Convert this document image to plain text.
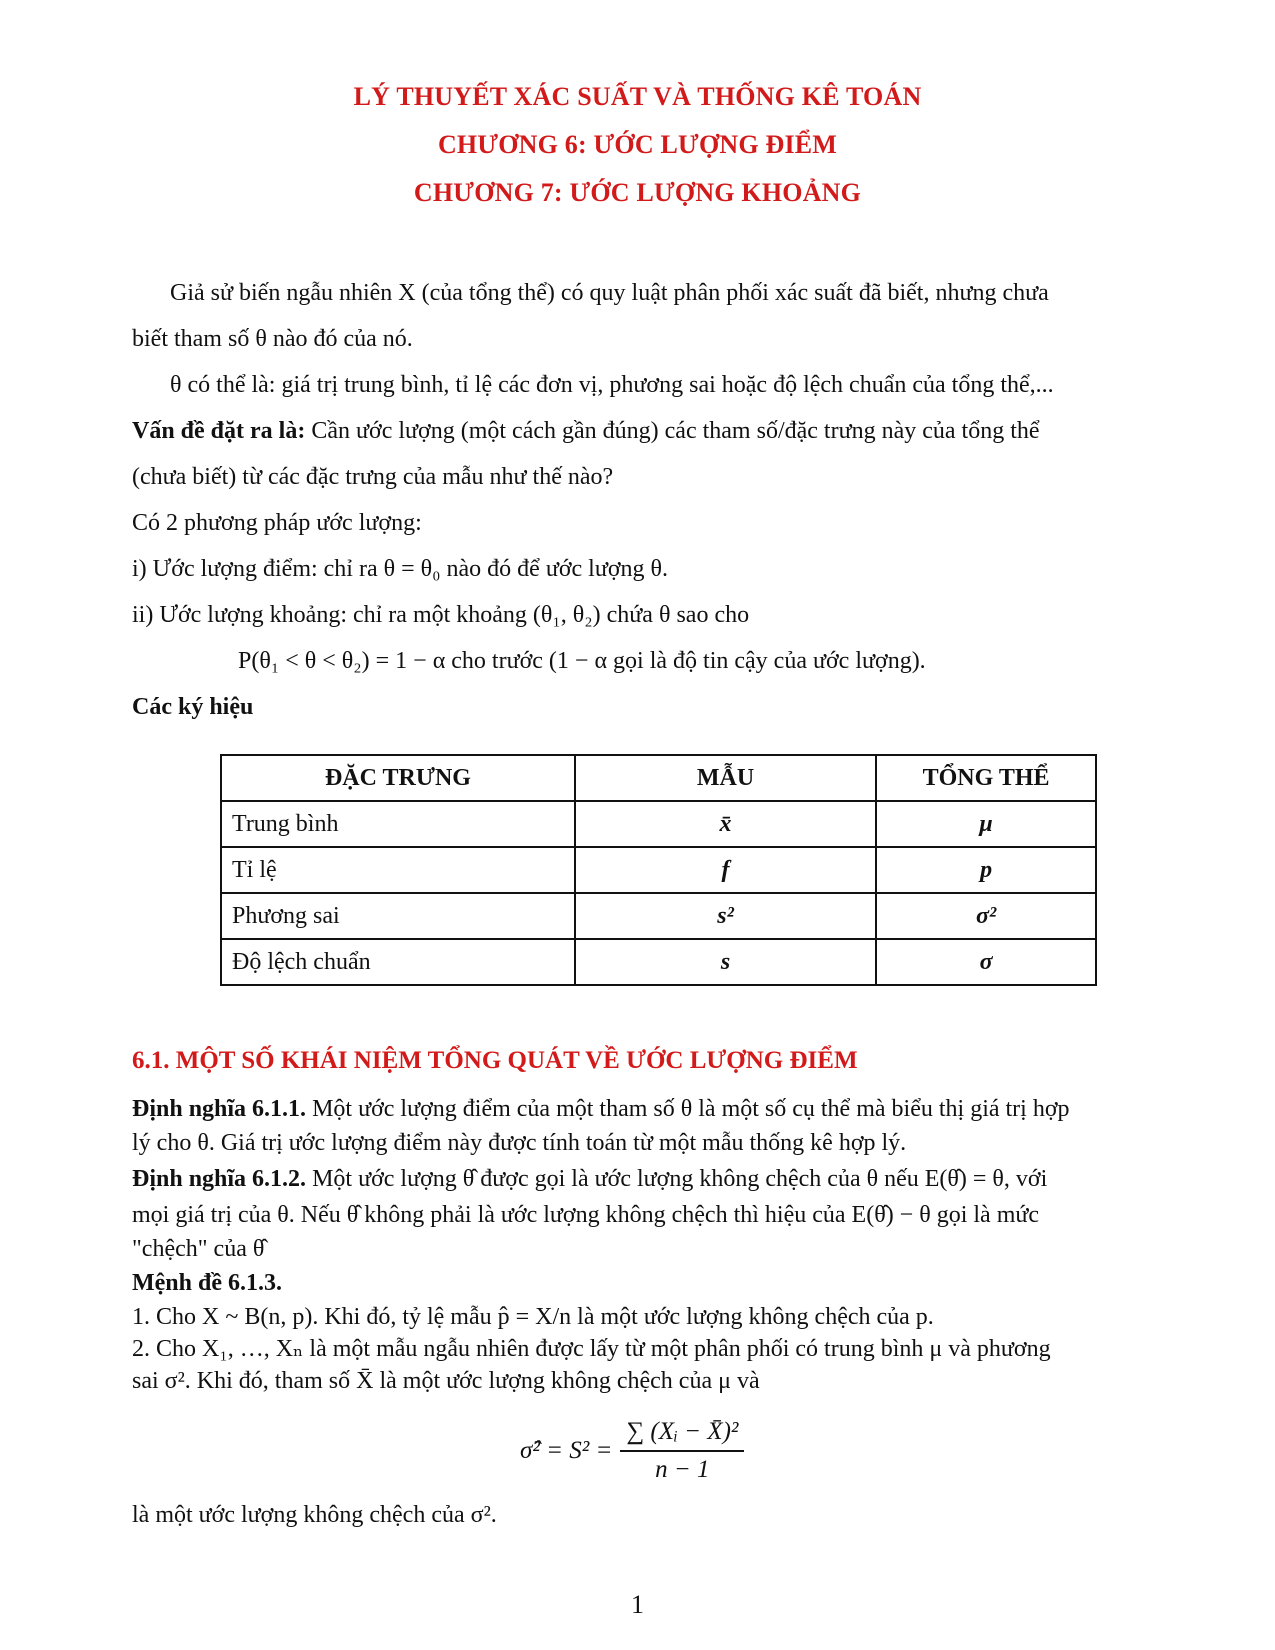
LÝ THUYẾT XÁC SUẤT VÀ THỐNG KÊ TOÁN
CHƯƠNG 6: ƯỚC LƯỢNG ĐIỂM
CHƯƠNG 7: ƯỚC LƯỢNG KHOẢNG
Giả sử biến ngẫu nhiên X (của tổng thể) có quy luật phân phối xác suất đã biết, nhưng chưa
biết tham số θ nào đó của nó.
θ có thể là: giá trị trung bình, tỉ lệ các đơn vị, phương sai hoặc độ lệch chuẩn của tổng thể,...
Vấn đề đặt ra là: Cần ước lượng (một cách gần đúng) các tham số/đặc trưng này của tổng thể
(chưa biết) từ các đặc trưng của mẫu như thế nào?
Có 2 phương pháp ước lượng:
i) Ước lượng điểm: chỉ ra θ = θ₀ nào đó để ước lượng θ.
ii) Ước lượng khoảng: chỉ ra một khoảng (θ₁, θ₂) chứa θ sao cho
P(θ₁ < θ < θ₂) = 1 − α cho trước (1 − α gọi là độ tin cậy của ước lượng).
Các ký hiệu
ĐẶC TRƯNG	MẪU	TỔNG THỂ
Trung bình	x̄	μ
Tỉ lệ	f	p
Phương sai	s²	σ²
Độ lệch chuẩn	s	σ
6.1. MỘT SỐ KHÁI NIỆM TỔNG QUÁT VỀ ƯỚC LƯỢNG ĐIỂM
Định nghĩa 6.1.1. Một ước lượng điểm của một tham số θ là một số cụ thể mà biểu thị giá trị hợp
lý cho θ. Giá trị ước lượng điểm này được tính toán từ một mẫu thống kê hợp lý.
Định nghĩa 6.1.2. Một ước lượng θ̂ được gọi là ước lượng không chệch của θ nếu E(θ̂) = θ, với
mọi giá trị của θ. Nếu θ̂ không phải là ước lượng không chệch thì hiệu của E(θ̂) − θ gọi là mức
"chệch" của θ̂
Mệnh đề 6.1.3.
1. Cho X ~ B(n, p). Khi đó, tỷ lệ mẫu p̂ = X/n là một ước lượng không chệch của p.
2. Cho X₁, …, Xₙ là một mẫu ngẫu nhiên được lấy từ một phân phối có trung bình μ và phương
sai σ². Khi đó, tham số X̄ là một ước lượng không chệch của μ và
σ̂² = $S^2 = \frac{\text{∑ (Xᵢ − X̄)²}}{n - 1}$
là một ước lượng không chệch của σ².
1
